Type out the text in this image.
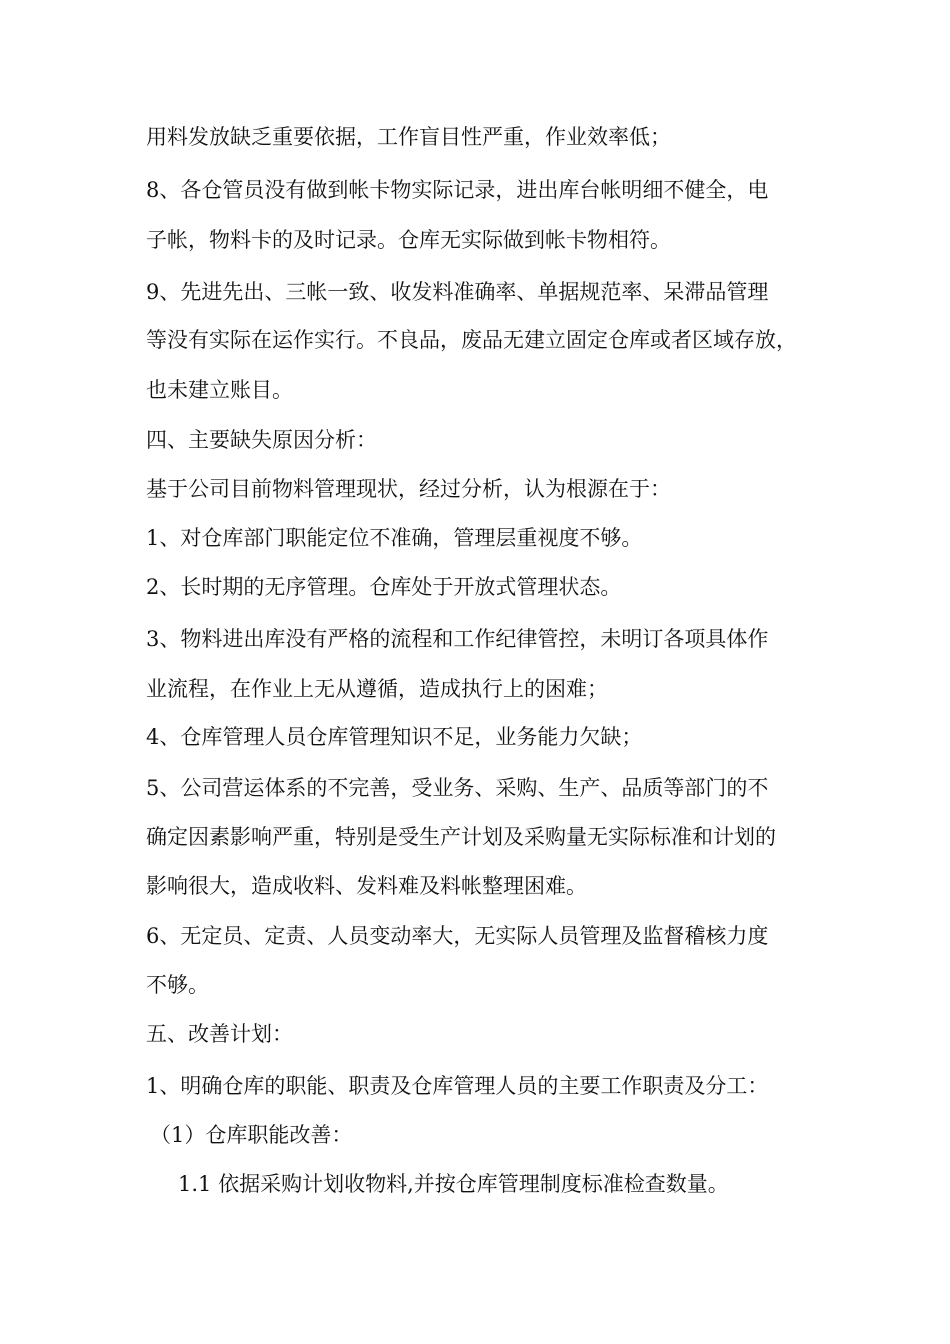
用料发放缺乏重要依据，工作盲目性严重，作业效率低；
8、各仓管员没有做到帐卡物实际记录，进出库台帐明细不健全，电
子帐，物料卡的及时记录。仓库无实际做到帐卡物相符。
9、先进先出、三帐一致、收发料准确率、单据规范率、呆滞品管理
等没有实际在运作实行。不良品，废品无建立固定仓库或者区域存放，
也未建立账目。
四、主要缺失原因分析：
基于公司目前物料管理现状，经过分析，认为根源在于：
1、对仓库部门职能定位不准确，管理层重视度不够。
2、长时期的无序管理。仓库处于开放式管理状态。
3、物料进出库没有严格的流程和工作纪律管控，未明订各项具体作
业流程，在作业上无从遵循，造成执行上的困难；
4、仓库管理人员仓库管理知识不足，业务能力欠缺；
5、公司营运体系的不完善，受业务、采购、生产、品质等部门的不
确定因素影响严重，特别是受生产计划及采购量无实际标准和计划的
影响很大，造成收料、发料难及料帐整理困难。
6、无定员、定责、人员变动率大，无实际人员管理及监督稽核力度
不够。
五、改善计划：
1、明确仓库的职能、职责及仓库管理人员的主要工作职责及分工：
（1）仓库职能改善：
1.1 依据采购计划收物料,并按仓库管理制度标准检查数量。
